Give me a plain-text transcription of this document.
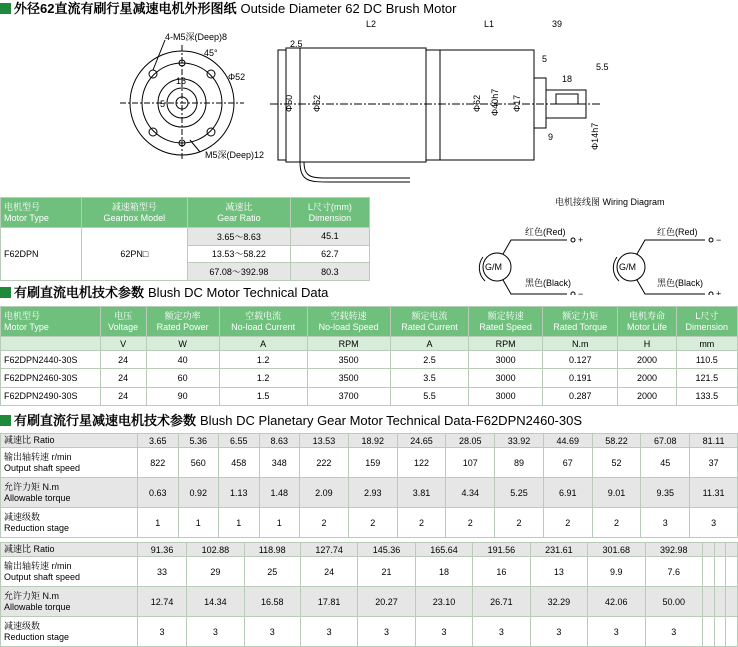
外径62直流有刷行星减速电机外形图纸 Outside Diameter 62 DC Brush Motor
4-M5深(Deep)8
45°
Φ52
16
5
M5深(Deep)12
2.5
L2	L1	39
5
18
5.5
9
Φ60 Φ62	Φ62 Φ40h7 Φ17
Φ14h7
电机型号
Motor Type	减速箱型号
Gearbox Model	减速比
Gear Ratio	L尺寸(mm)
Dimension
F62DPN	62PN□	3.65～8.63	45.1
		13.53～58.22	62.7
		67.08～392.98	80.3
电机接线图 Wiring Diagram
G/M
红色(Red)
黑色(Black)
+
−
G/M
红色(Red)
黑色(Black)
−
+
有刷直流电机技术参数 Blush DC Motor Technical Data
电机型号
Motor Type	电压
Voltage	额定功率
Rated Power	空载电流
No-load Current	空载转速
No-load Speed	额定电流
Rated Current	额定转速
Rated Speed	额定力矩
Rated Torque	电机寿命
Motor Life	L尺寸
Dimension
	V	W	A	RPM	A	RPM	N.m	H	mm
F62DPN2440-30S	24	40	1.2	3500	2.5	3000	0.127	2000	110.5
F62DPN2460-30S	24	60	1.2	3500	3.5	3000	0.191	2000	121.5
F62DPN2490-30S	24	90	1.5	3700	5.5	3000	0.287	2000	133.5
有刷直流行星减速电机技术参数 Blush DC Planetary Gear Motor Technical Data-F62DPN2460-30S
减速比 Ratio	3.65	5.36	6.55	8.63	13.53	18.92	24.65	28.05	33.92	44.69	58.22	67.08	81.11
输出轴转速 r/min
Output shaft speed	822	560	458	348	222	159	122	107	89	67	52	45	37
允许力矩 N.m
Allowable torque	0.63	0.92	1.13	1.48	2.09	2.93	3.81	4.34	5.25	6.91	9.01	9.35	11.31
减速级数
Reduction stage	1	1	1	1	2	2	2	2	2	2	2	3	3
减速比 Ratio	91.36	102.88	118.98	127.74	145.36	165.64	191.56	231.61	301.68	392.98			
输出轴转速 r/min
Output shaft speed	33	29	25	24	21	18	16	13	9.9	7.6			
允许力矩 N.m
Allowable torque	12.74	14.34	16.58	17.81	20.27	23.10	26.71	32.29	42.06	50.00			
减速级数
Reduction stage	3	3	3	3	3	3	3	3	3	3			
